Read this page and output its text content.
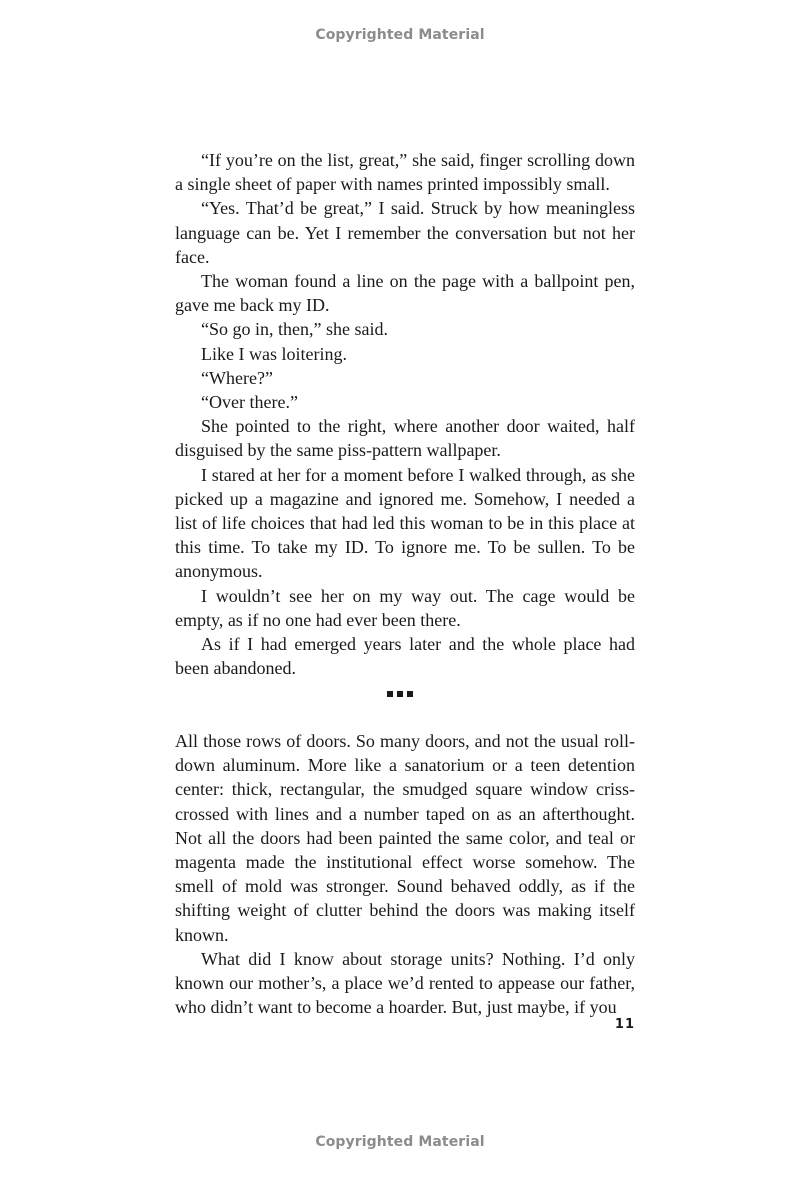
Copyrighted Material

“If you’re on the list, great,” she said, finger scrolling down a single sheet of paper with names printed impossibly small.

“Yes. That’d be great,” I said. Struck by how meaningless language can be. Yet I remember the conversation but not her face.

The woman found a line on the page with a ballpoint pen, gave me back my ID.

“So go in, then,” she said.

Like I was loitering.

“Where?”

“Over there.”

She pointed to the right, where another door waited, half disguised by the same piss-pattern wallpaper.

I stared at her for a moment before I walked through, as she picked up a magazine and ignored me. Somehow, I needed a list of life choices that had led this woman to be in this place at this time. To take my ID. To ignore me. To be sullen. To be anonymous.

I wouldn’t see her on my way out. The cage would be empty, as if no one had ever been there.

As if I had emerged years later and the whole place had been abandoned.

All those rows of doors. So many doors, and not the usual roll-down aluminum. More like a sanatorium or a teen detention center: thick, rectangular, the smudged square window criss-crossed with lines and a number taped on as an afterthought. Not all the doors had been painted the same color, and teal or magenta made the institutional effect worse somehow. The smell of mold was stronger. Sound behaved oddly, as if the shifting weight of clutter behind the doors was making itself known.

What did I know about storage units? Nothing. I’d only known our mother’s, a place we’d rented to appease our father, who didn’t want to become a hoarder. But, just maybe, if you

11
Copyrighted Material
